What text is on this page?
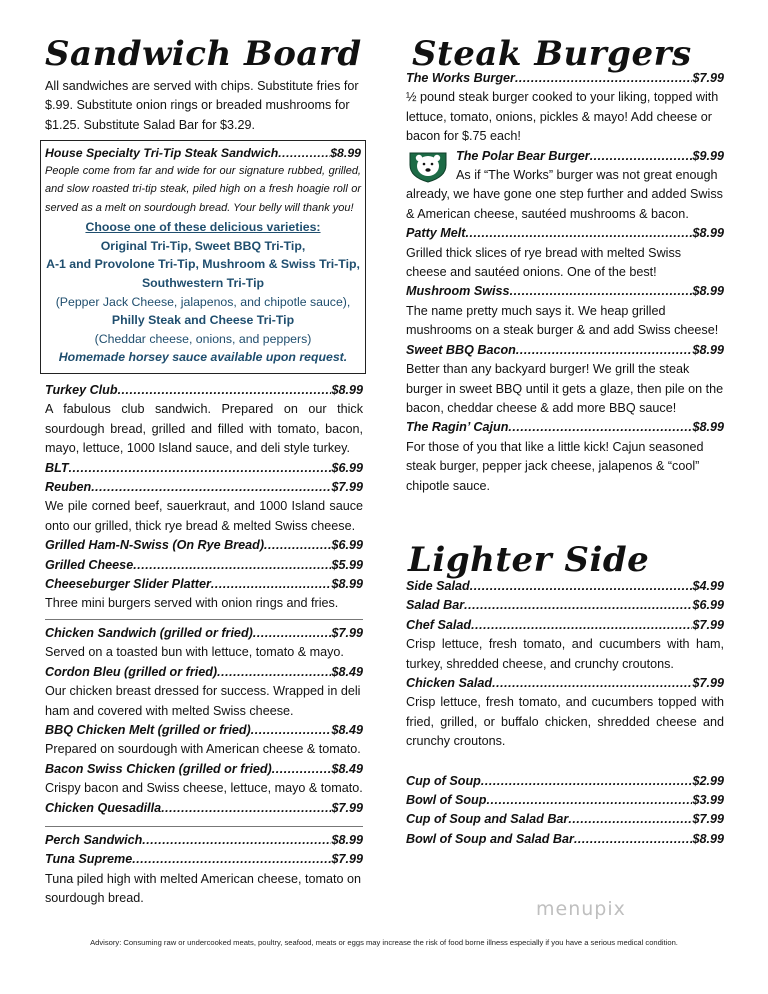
Sandwich Board
All sandwiches are served with chips. Substitute fries for $.99. Substitute onion rings or breaded mushrooms for $1.25. Substitute Salad Bar for $3.29.
House Specialty Tri-Tip Steak Sandwich .....	$8.99
People come from far and wide for our signature rubbed, grilled, and slow roasted tri-tip steak, piled high on a fresh hoagie roll or served as a melt on sourdough bread. Your belly will thank you!
Choose one of these delicious varieties:
Original Tri-Tip, Sweet BBQ Tri-Tip,
A-1 and Provolone Tri-Tip, Mushroom & Swiss Tri-Tip,
Southwestern Tri-Tip
(Pepper Jack Cheese, jalapenos, and chipotle sauce),
Philly Steak and Cheese Tri-Tip
(Cheddar cheese, onions, and peppers)
Homemade horsey sauce available upon request.
Turkey Club .....	$8.99
A fabulous club sandwich. Prepared on our thick sourdough bread, grilled and filled with tomato, bacon, mayo, lettuce, 1000 Island sauce, and deli style turkey.
BLT .....	$6.99
Reuben .....	$7.99
We pile corned beef, sauerkraut, and 1000 Island sauce onto our grilled, thick rye bread & melted Swiss cheese.
Grilled Ham-N-Swiss (On Rye Bread) .....	$6.99
Grilled Cheese .....	$5.99
Cheeseburger Slider Platter .....	$8.99
Three mini burgers served with onion rings and fries.
Chicken Sandwich (grilled or fried) .....	$7.99
Served on a toasted bun with lettuce, tomato & mayo.
Cordon Bleu (grilled or fried) .....	$8.49
Our chicken breast dressed for success. Wrapped in deli ham and covered with melted Swiss cheese.
BBQ Chicken Melt (grilled or fried) .....	$8.49
Prepared on sourdough with American cheese & tomato.
Bacon Swiss Chicken (grilled or fried) .....	$8.49
Crispy bacon and Swiss cheese, lettuce, mayo & tomato.
Chicken Quesadilla .....	$7.99
Perch Sandwich .....	$8.99
Tuna Supreme .....	$7.99
Tuna piled high with melted American cheese, tomato on sourdough bread.
Steak Burgers
The Works Burger .....	$7.99
½ pound steak burger cooked to your liking, topped with lettuce, tomato, onions, pickles & mayo! Add cheese or bacon for $.75 each!
The Polar Bear Burger .....	$9.99
As if “The Works” burger was not great enough
already, we have gone one step further and added Swiss & American cheese, sautéed mushrooms & bacon.
Patty Melt .....	$8.99
Grilled thick slices of rye bread with melted Swiss cheese and sautéed onions. One of the best!
Mushroom Swiss .....	$8.99
The name pretty much says it. We heap grilled mushrooms on a steak burger & and add Swiss cheese!
Sweet BBQ Bacon .....	$8.99
Better than any backyard burger! We grill the steak burger in sweet BBQ until it gets a glaze, then pile on the bacon, cheddar cheese & add more BBQ sauce!
The Ragin’ Cajun .....	$8.99
For those of you that like a little kick! Cajun seasoned steak burger, pepper jack cheese, jalapenos & “cool” chipotle sauce.
Lighter Side
Side Salad .....	$4.99
Salad Bar .....	$6.99
Chef Salad .....	$7.99
Crisp lettuce, fresh tomato, and cucumbers with ham, turkey, shredded cheese, and crunchy croutons.
Chicken Salad .....	$7.99
Crisp lettuce, fresh tomato, and cucumbers topped with fried, grilled, or buffalo chicken, shredded cheese and crunchy croutons.
Cup of Soup .....	$2.99
Bowl of Soup .....	$3.99
Cup of Soup and Salad Bar .....	$7.99
Bowl of Soup and Salad Bar .....	$8.99
menupix
Advisory: Consuming raw or undercooked meats, poultry, seafood, meats or eggs may increase the risk of food borne illness especially if you have a serious medical condition.
